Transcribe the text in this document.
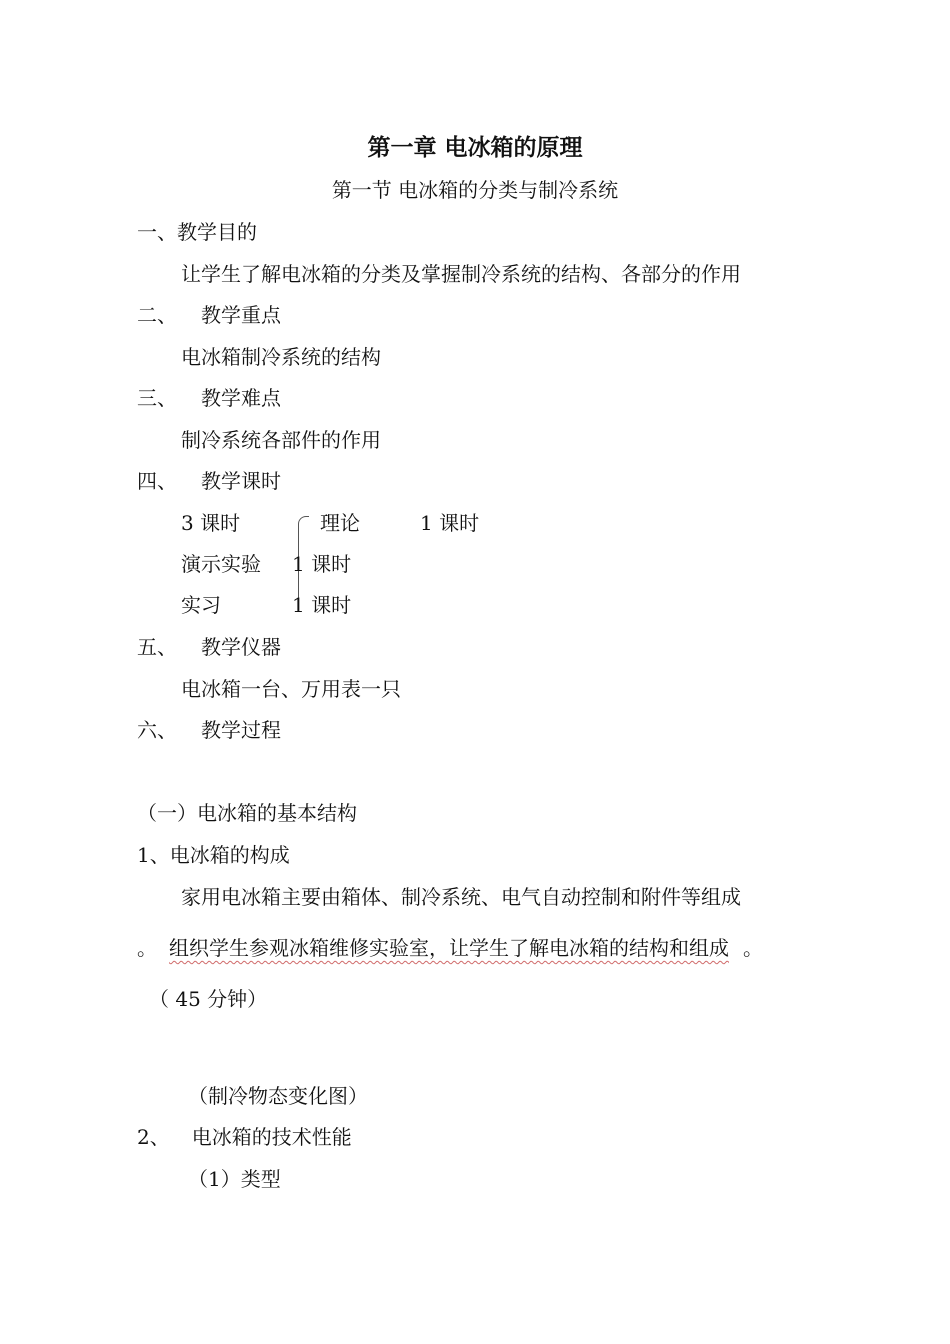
第一章 电冰箱的原理
第一节 电冰箱的分类与制冷系统
一、教学目的
让学生了解电冰箱的分类及掌握制冷系统的结构、各部分的作用
二、 教学重点
电冰箱制冷系统的结构
三、 教学难点
制冷系统各部件的作用
四、 教学课时
3 课时	理论	1 课时
演示实验 1 课时
实习	1 课时
五、 教学仪器
电冰箱一台、万用表一只
六、 教学过程
（一）电冰箱的基本结构
1、电冰箱的构成
家用电冰箱主要由箱体、制冷系统、电气自动控制和附件等组成
。 组织学生参观冰箱维修实验室，让学生了解电冰箱的结构和组成 。
（ 45 分钟）
（制冷物态变化图）
2、 电冰箱的技术性能
（1）类型
